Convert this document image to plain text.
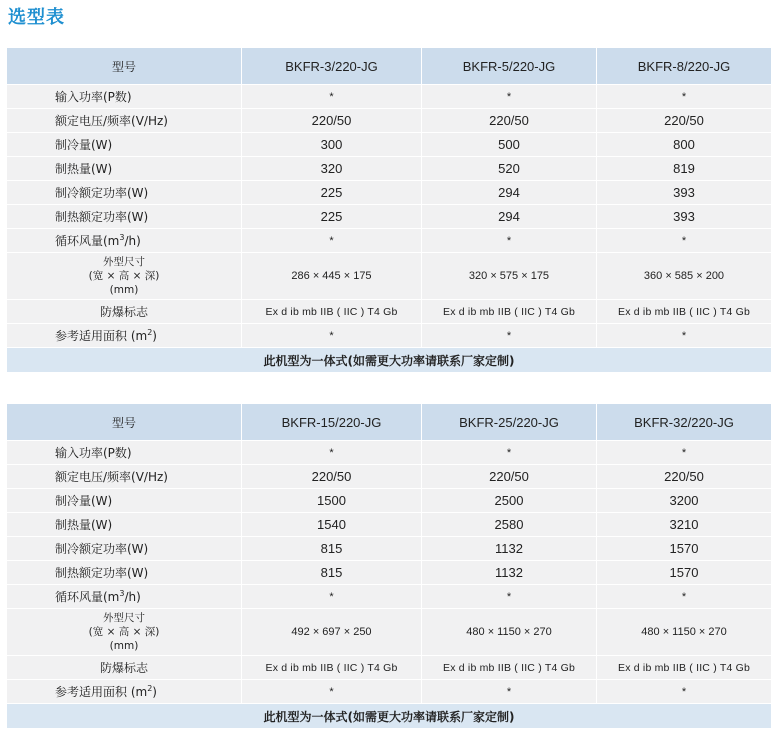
选型表
型号	BKFR-3/220-JG	BKFR-5/220-JG	BKFR-8/220-JG
输入功率(P数)	*	*	*
额定电压/频率(V/Hz)	220/50	220/50	220/50
制冷量(W)	300	500	800
制热量(W)	320	520	819
制冷额定功率(W)	225	294	393
制热额定功率(W)	225	294	393
循环风量$(m^3/h)$	*	*	*

外型尺寸
(宽 × 高 × 深)
(mm)	286 × 445 × 175	320 × 575 × 175	360 × 585 × 200
防爆标志	Ex d ib mb IIB ( IIC ) T4 Gb	Ex d ib mb IIB ( IIC ) T4 Gb	Ex d ib mb IIB ( IIC ) T4 Gb
参考适用面积 $(m^2)$	*	*	*
此机型为一体式(如需更大功率请联系厂家定制)			
型号	BKFR-15/220-JG	BKFR-25/220-JG	BKFR-32/220-JG
输入功率(P数)	*	*	*
额定电压/频率(V/Hz)	220/50	220/50	220/50
制冷量(W)	1500	2500	3200
制热量(W)	1540	2580	3210
制冷额定功率(W)	815	1132	1570
制热额定功率(W)	815	1132	1570
循环风量$(m^3/h)$	*	*	*

外型尺寸
(宽 × 高 × 深)
(mm)	492 × 697 × 250	480 × 1150 × 270	480 × 1150 × 270
防爆标志	Ex d ib mb IIB ( IIC ) T4 Gb	Ex d ib mb IIB ( IIC ) T4 Gb	Ex d ib mb IIB ( IIC ) T4 Gb
参考适用面积 $(m^2)$	*	*	*
此机型为一体式(如需更大功率请联系厂家定制)			
